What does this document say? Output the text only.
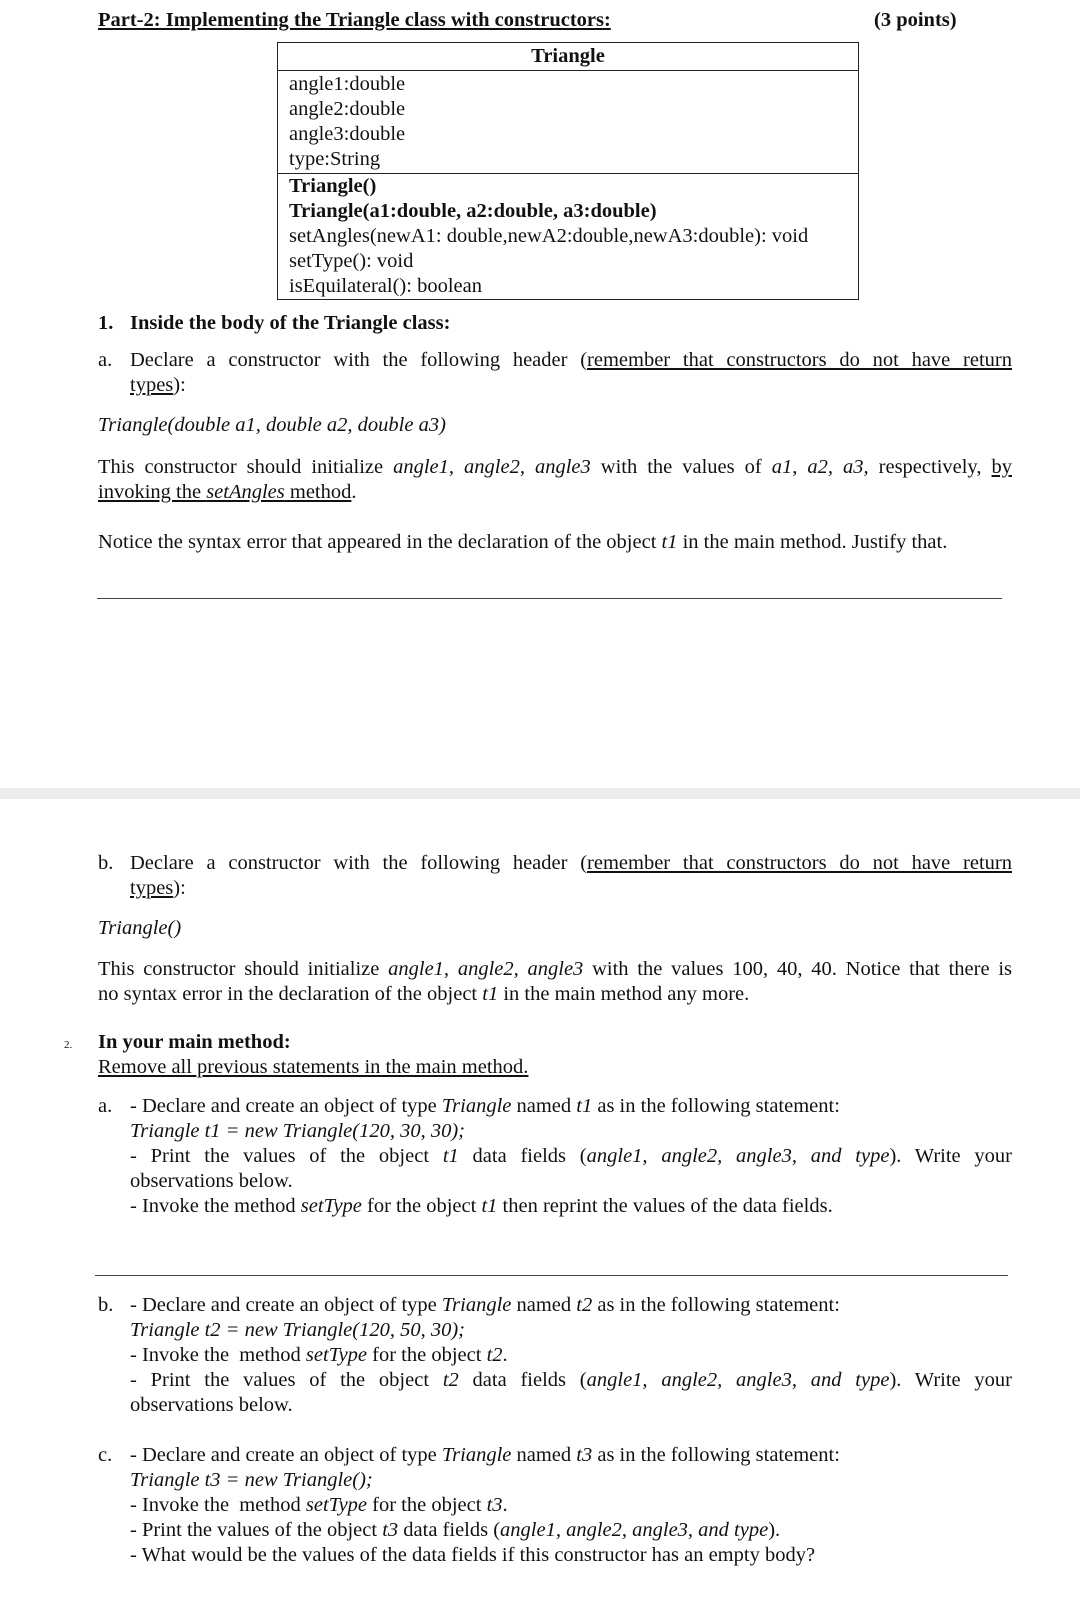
Part-2: Implementing the Triangle class with constructors:	(3 points)
Triangle
angle1:double
angle2:double
angle3:double
type:String
Triangle()
Triangle(a1:double, a2:double, a3:double)
setAngles(newA1: double,newA2:double,newA3:double): void
setType(): void
isEquilateral(): boolean
1. Inside the body of the Triangle class:
a. Declare a constructor with the following header (remember that constructors do not have return
types):
Triangle(double a1, double a2, double a3)
This constructor should initialize angle1, angle2, angle3 with the values of a1, a2, a3, respectively, by
invoking the setAngles method.
Notice the syntax error that appeared in the declaration of the object t1 in the main method. Justify that.
b. Declare a constructor with the following header (remember that constructors do not have return
types):
Triangle()
This constructor should initialize angle1, angle2, angle3 with the values 100, 40, 40. Notice that there is
no syntax error in the declaration of the object t1 in the main method any more.
2. In your main method:
Remove all previous statements in the main method.
a. - Declare and create an object of type Triangle named t1 as in the following statement:
Triangle t1 = new Triangle(120, 30, 30);
- Print the values of the object t1 data fields (angle1, angle2, angle3, and type). Write your
observations below.
- Invoke the method setType for the object t1 then reprint the values of the data fields.
b. - Declare and create an object of type Triangle named t2 as in the following statement:
Triangle t2 = new Triangle(120, 50, 30);
- Invoke the  method setType for the object t2.
- Print the values of the object t2 data fields (angle1, angle2, angle3, and type). Write your
observations below.
c. - Declare and create an object of type Triangle named t3 as in the following statement:
Triangle t3 = new Triangle();
- Invoke the  method setType for the object t3.
- Print the values of the object t3 data fields (angle1, angle2, angle3, and type).
- What would be the values of the data fields if this constructor has an empty body?
